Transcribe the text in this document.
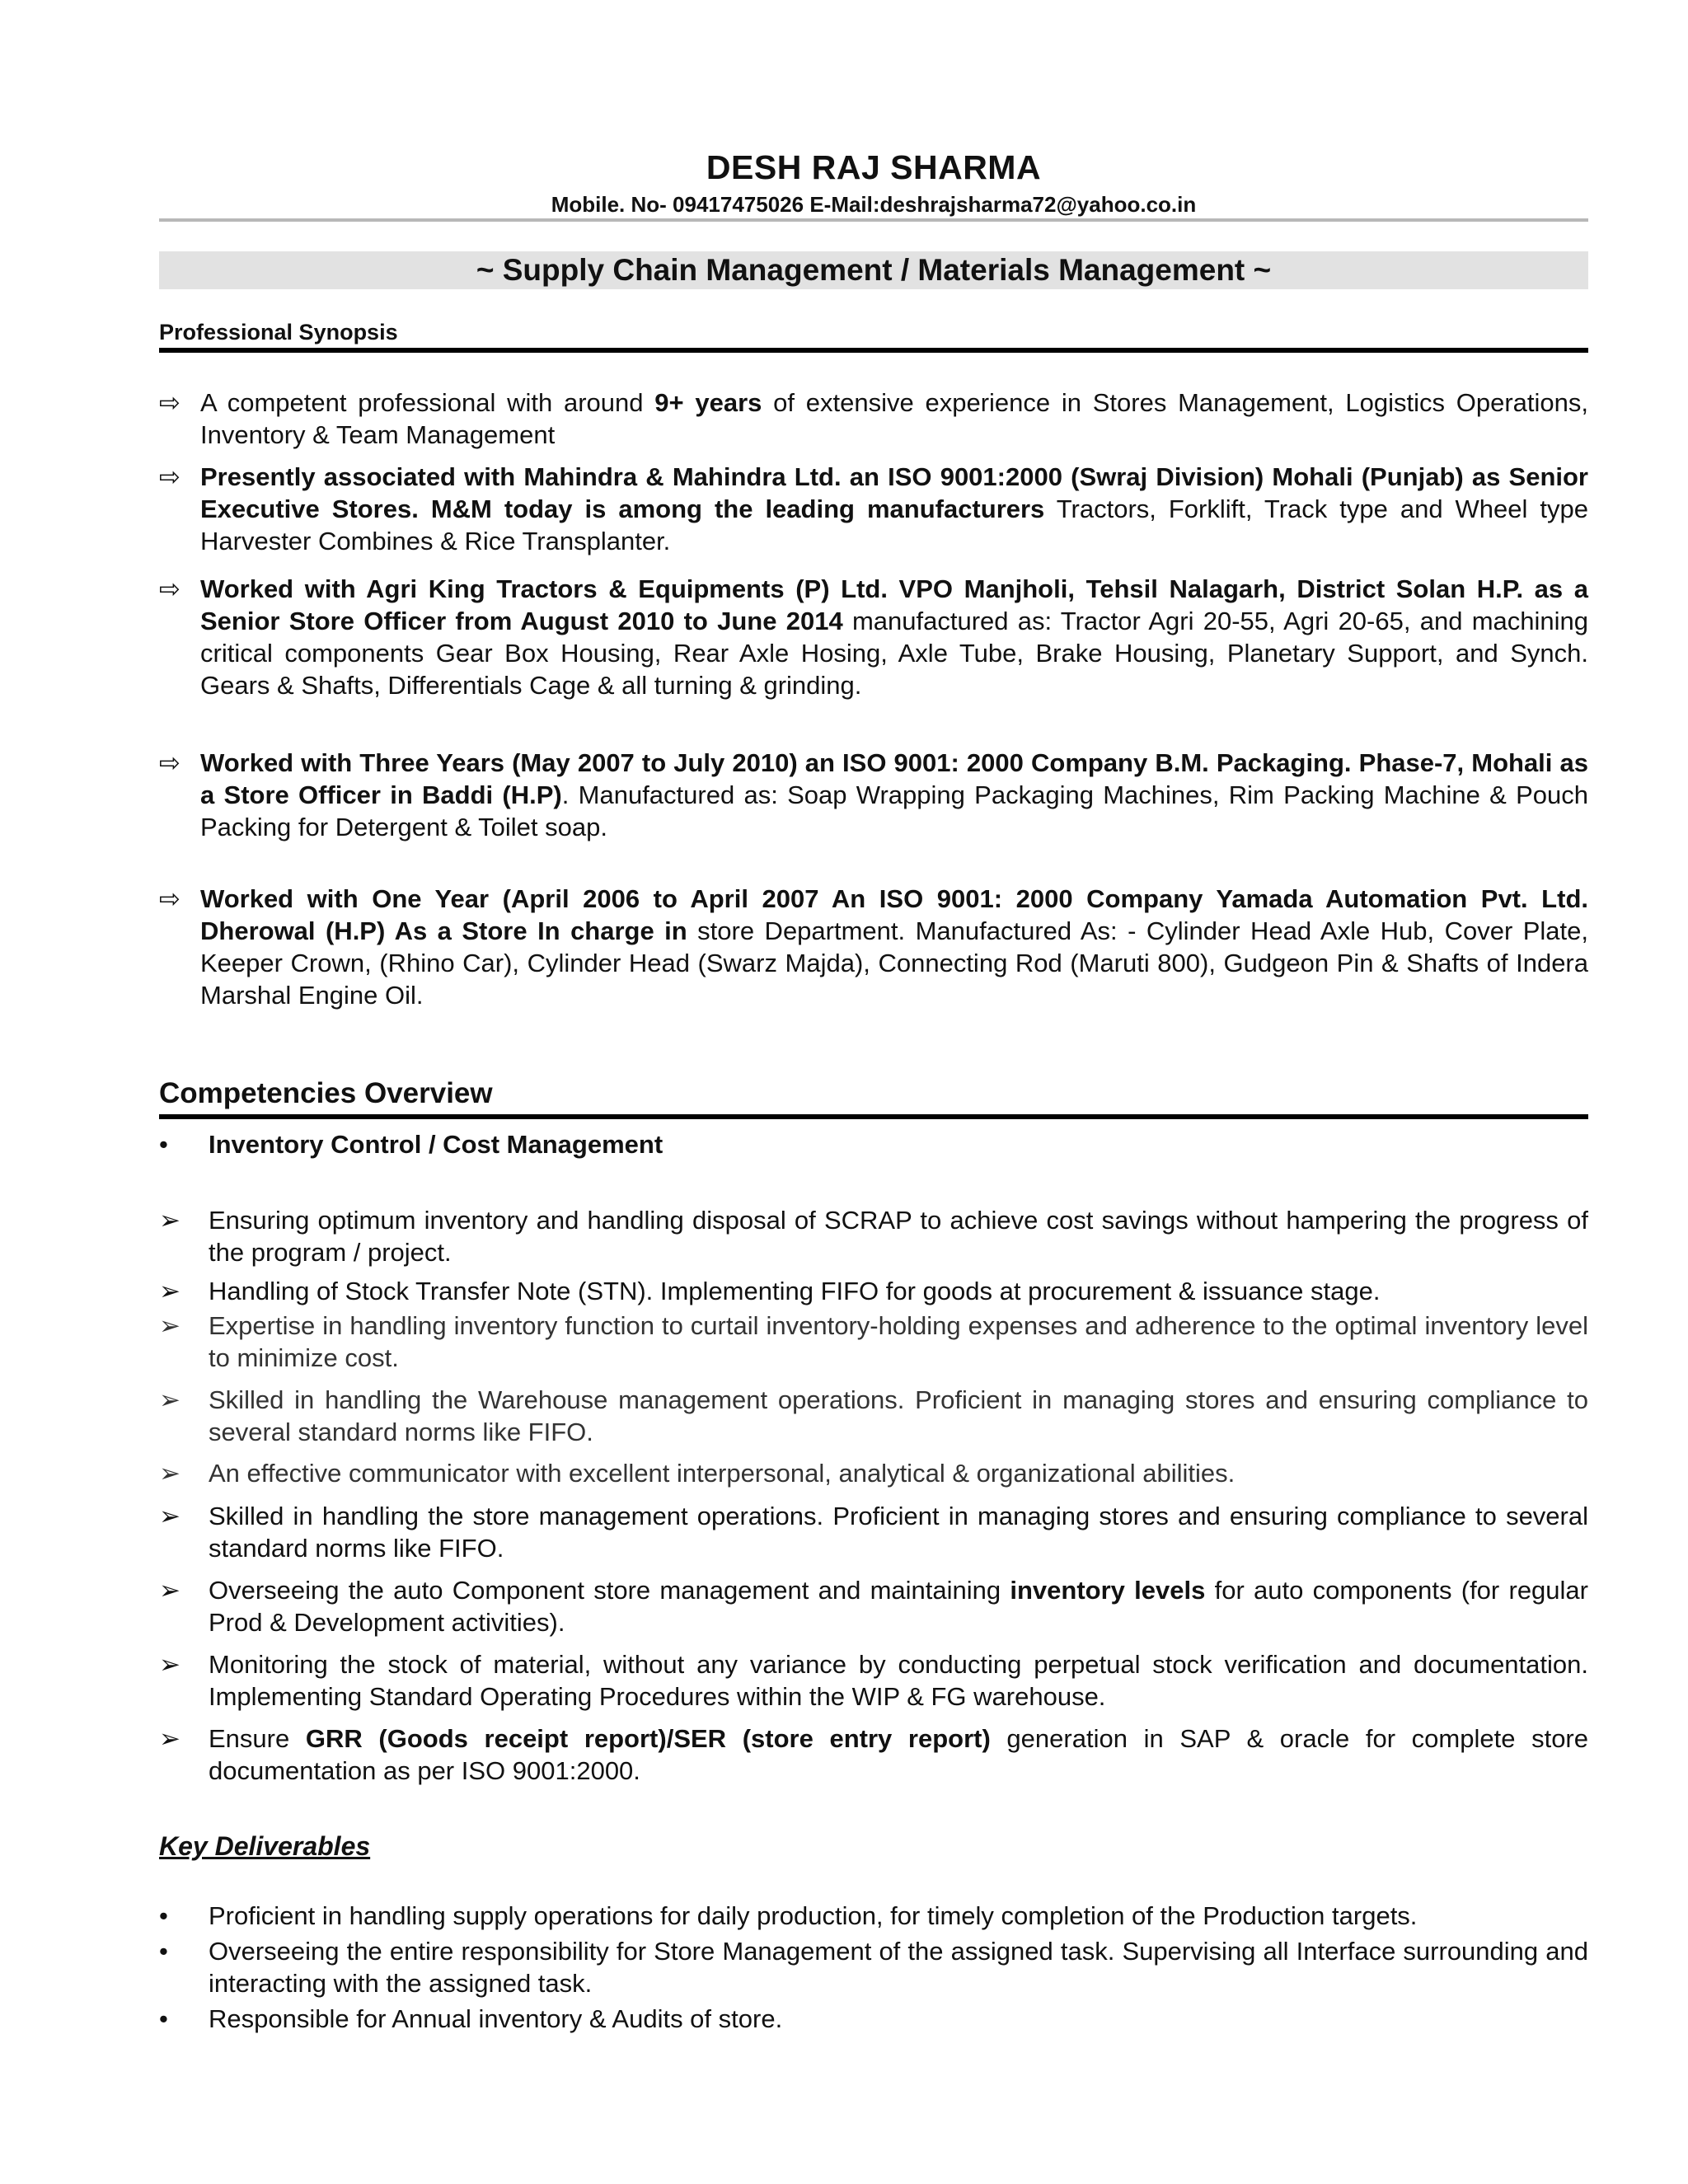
DESH RAJ SHARMA
Mobile. No- 09417475026 E-Mail:deshrajsharma72@yahoo.co.in
~ Supply Chain Management / Materials Management ~
Professional Synopsis
⇨ A competent professional with around 9+ years of extensive experience in Stores Management, Logistics Operations, Inventory & Team Management
⇨ Presently associated with Mahindra & Mahindra Ltd. an ISO 9001:2000 (Swraj Division) Mohali (Punjab) as Senior Executive Stores. M&M today is among the leading manufacturers Tractors, Forklift, Track type and Wheel type Harvester Combines & Rice Transplanter.
⇨ Worked with Agri King Tractors & Equipments (P) Ltd. VPO Manjholi, Tehsil Nalagarh, District Solan H.P. as a Senior Store Officer from August 2010 to June 2014 manufactured as: Tractor Agri 20-55, Agri 20-65, and machining critical components Gear Box Housing, Rear Axle Hosing, Axle Tube, Brake Housing, Planetary Support, and Synch. Gears & Shafts, Differentials Cage & all turning & grinding.
⇨ Worked with Three Years (May 2007 to July 2010) an ISO 9001: 2000 Company B.M. Packaging. Phase-7, Mohali as a Store Officer in Baddi (H.P). Manufactured as: Soap Wrapping Packaging Machines, Rim Packing Machine & Pouch Packing for Detergent & Toilet soap.
⇨ Worked with One Year (April 2006 to April 2007 An ISO 9001: 2000 Company Yamada Automation Pvt. Ltd. Dherowal (H.P) As a Store In charge in store Department. Manufactured As: - Cylinder Head Axle Hub, Cover Plate, Keeper Crown, (Rhino Car), Cylinder Head (Swarz Majda), Connecting Rod (Maruti 800), Gudgeon Pin & Shafts of Indera Marshal Engine Oil.
Competencies Overview
•	Inventory Control / Cost Management
➢	Ensuring optimum inventory and handling disposal of SCRAP to achieve cost savings without hampering the progress of the program / project.
➢	Handling of Stock Transfer Note (STN). Implementing FIFO for goods at procurement & issuance stage.
➢	Expertise in handling inventory function to curtail inventory-holding expenses and adherence to the optimal inventory level to minimize cost.
➢	Skilled in handling the Warehouse management operations. Proficient in managing stores and ensuring compliance to several standard norms like FIFO.
➢	An effective communicator with excellent interpersonal, analytical & organizational abilities.
➢	Skilled in handling the store management operations. Proficient in managing stores and ensuring compliance to several standard norms like FIFO.
➢	Overseeing the auto Component store management and maintaining inventory levels for auto components (for regular Prod & Development activities).
➢	Monitoring the stock of material, without any variance by conducting perpetual stock verification and documentation. Implementing Standard Operating Procedures within the WIP & FG warehouse.
➢	Ensure GRR (Goods receipt report)/SER (store entry report) generation in SAP & oracle for complete store documentation as per ISO 9001:2000.
Key Deliverables
•	Proficient in handling supply operations for daily production, for timely completion of the Production targets.
•	Overseeing the entire responsibility for Store Management of the assigned task. Supervising all Interface surrounding and interacting with the assigned task.
•	Responsible for Annual inventory & Audits of store.
